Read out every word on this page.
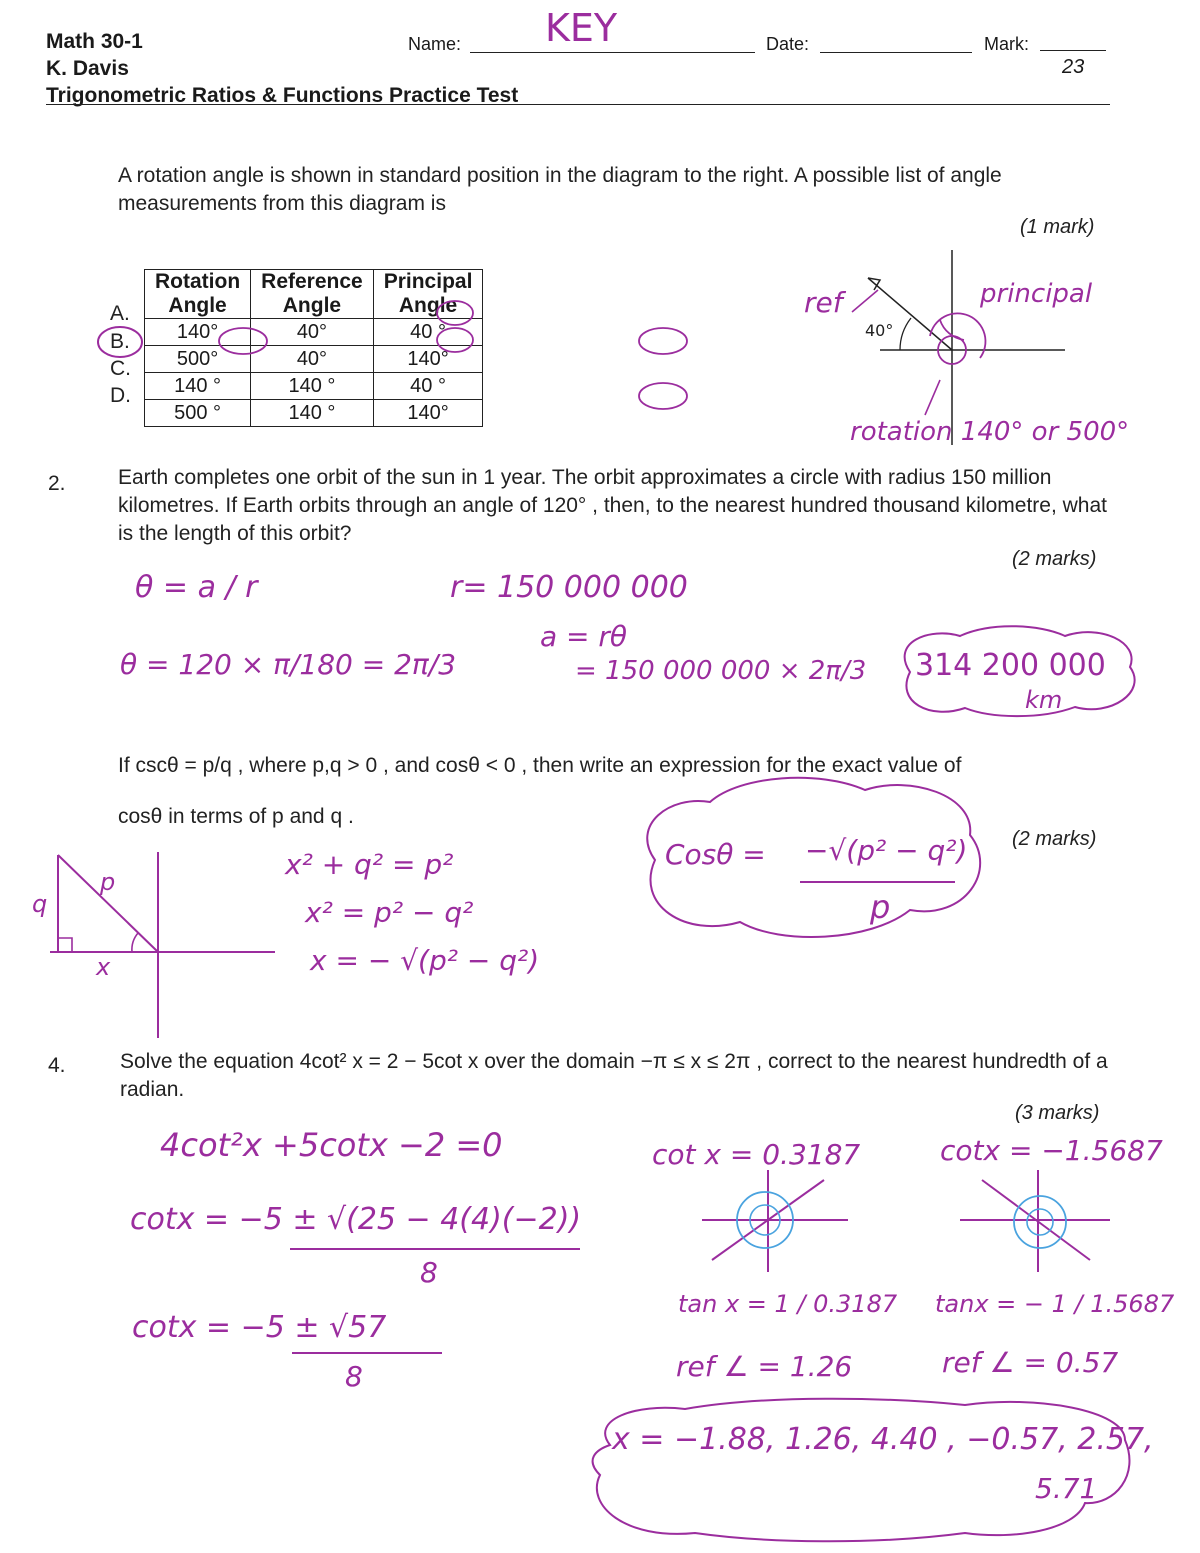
Math 30-1
K. Davis
Trigonometric Ratios & Functions Practice Test
Name: KEY	Date:	Mark:
23
A rotation angle is shown in standard position in the diagram to the right. A possible list of angle measurements from this diagram is
(1 mark)
A.
B.
C.
D.
Rotation Angle	Reference Angle	Principal Angle
140°	40°	40 °
500°	40°	140°
140 °	140 °	40 °
500 °	140 °	140°
40°
ref	principal
rotation 140° or 500°
2. Earth completes one orbit of the sun in 1 year. The orbit approximates a circle with radius 150 million kilometres. If Earth orbits through an angle of 120° , then, to the nearest hundred thousand kilometre, what is the length of this orbit?
(2 marks)
θ = a / r	r= 150 000 000
θ = 120 × π/180 = 2π/3
a = rθ
= 150 000 000 × 2π/3 314 200 000
km
If cscθ = p/q , where p,q > 0 , and cosθ < 0 , then write an expression for the exact value of
cosθ in terms of p and q .
(2 marks)
p
q
x
x² + q² = p²
x² = p² − q²
x = − √(p² − q²)
Cosθ = −√(p² − q²)
p
4.	Solve the equation 4cot² x = 2 − 5cot x over the domain −π ≤ x ≤ 2π , correct to the nearest hundredth of a radian.
(3 marks)
4cot²x +5cotx −2 =0
cotx = −5 ± √(25 − 4(4)(−2))
8
cotx = −5 ± √57
8
cot x = 0.3187	cotx = −1.5687
tan x = 1 / 0.3187 tanx = − 1 / 1.5687
ref ∠ = 1.26	ref ∠ = 0.57
x = −1.88, 1.26, 4.40 , −0.57, 2.57,
5.71
